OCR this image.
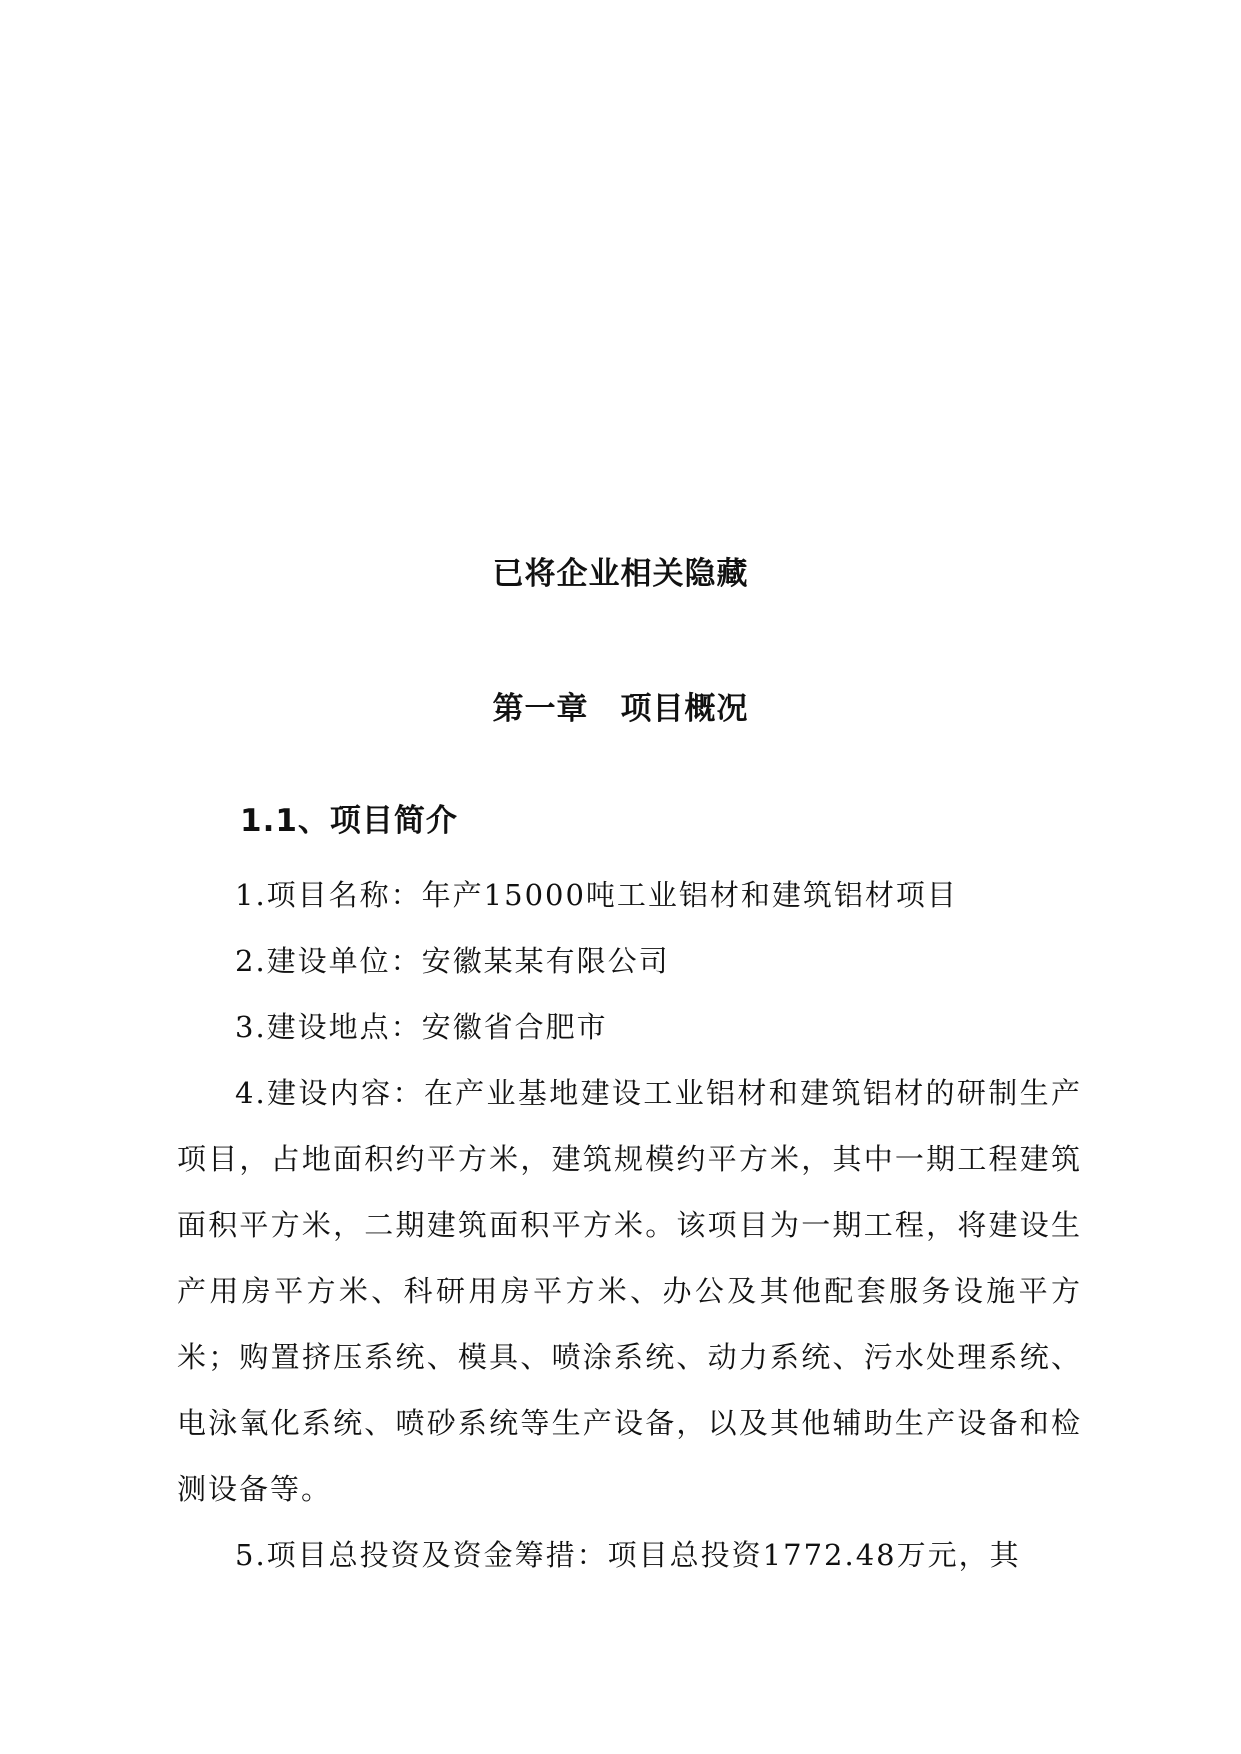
已将企业相关隐藏
第一章　项目概况
1.1、项目简介

1.项目名称：年产15000吨工业铝材和建筑铝材项目

2.建设单位：安徽某某有限公司

3.建设地点：安徽省合肥市

4.建设内容：在产业基地建设工业铝材和建筑铝材的研制生产项目，占地面积约平方米，建筑规模约平方米，其中一期工程建筑面积平方米，二期建筑面积平方米。该项目为一期工程，将建设生产用房平方米、科研用房平方米、办公及其他配套服务设施平方米；购置挤压系统、模具、喷涂系统、动力系统、污水处理系统、电泳氧化系统、喷砂系统等生产设备，以及其他辅助生产设备和检测设备等。

5.项目总投资及资金筹措：项目总投资1772.48万元，其
